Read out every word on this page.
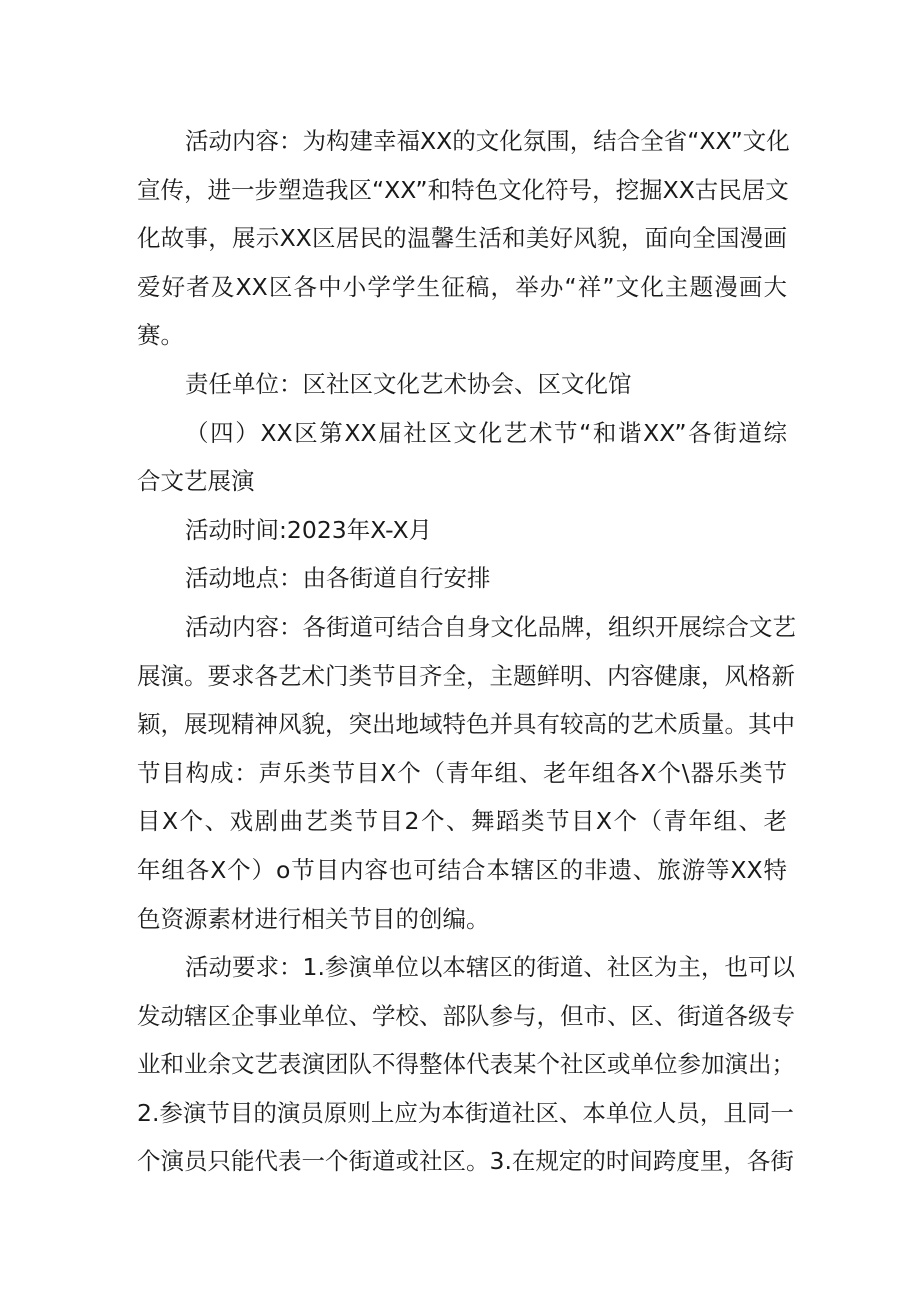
活动内容：为构建幸福XX的文化氛围，结合全省“XX”文化
宣传，进一步塑造我区“XX”和特色文化符号，挖掘XX古民居文
化故事，展示XX区居民的温馨生活和美好风貌，面向全国漫画
爱好者及XX区各中小学学生征稿，举办“祥”文化主题漫画大
赛。
责任单位：区社区文化艺术协会、区文化馆
（四）XX区第XX届社区文化艺术节“和谐XX”各街道综
合文艺展演
活动时间:2023年X-X月
活动地点：由各街道自行安排
活动内容：各街道可结合自身文化品牌，组织开展综合文艺
展演。要求各艺术门类节目齐全，主题鲜明、内容健康，风格新
颖，展现精神风貌，突出地域特色并具有较高的艺术质量。其中
节目构成：声乐类节目X个（青年组、老年组各X个\器乐类节
目X个、戏剧曲艺类节目2个、舞蹈类节目X个（青年组、老
年组各X个）o节目内容也可结合本辖区的非遗、旅游等XX特
色资源素材进行相关节目的创编。
活动要求：1.参演单位以本辖区的街道、社区为主，也可以
发动辖区企事业单位、学校、部队参与，但市、区、街道各级专
业和业余文艺表演团队不得整体代表某个社区或单位参加演出；
2.参演节目的演员原则上应为本街道社区、本单位人员，且同一
个演员只能代表一个街道或社区。3.在规定的时间跨度里，各街
